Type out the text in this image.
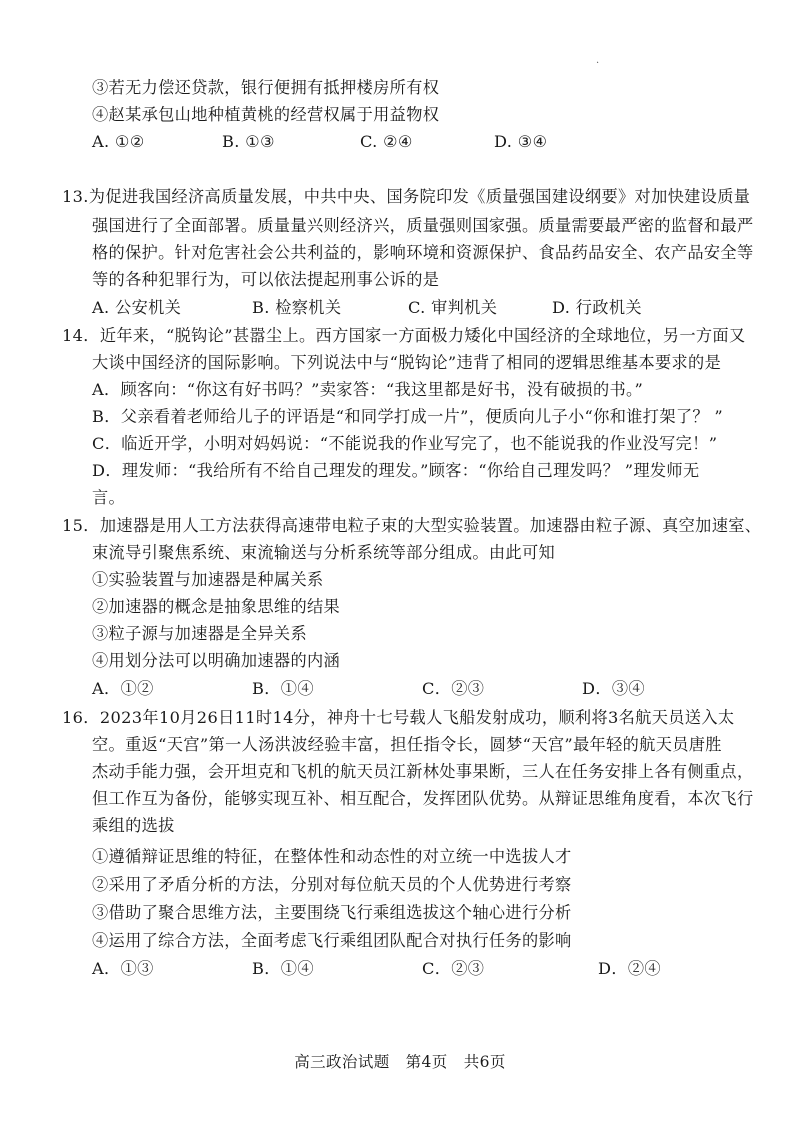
·
③若无力偿还贷款，银行便拥有抵押楼房所有权
④赵某承包山地种植黄桃的经营权属于用益物权
A. ①②	B. ①③	C. ②④	D. ③④
13.为促进我国经济高质量发展，中共中央、国务院印发《质量强国建设纲要》对加快建设质量
强国进行了全面部署。质量量兴则经济兴，质量强则国家强。质量需要最严密的监督和最严
格的保护。针对危害社会公共利益的，影响环境和资源保护、食品药品安全、农产品安全等
等的各种犯罪行为，可以依法提起刑事公诉的是
A. 公安机关	B. 检察机关	C. 审判机关	D. 行政机关
14．近年来，“脱钩论”甚嚣尘上。西方国家一方面极力矮化中国经济的全球地位，另一方面又
大谈中国经济的国际影响。下列说法中与“脱钩论”违背了相同的逻辑思维基本要求的是
A．顾客向：“你这有好书吗？”卖家答：“我这里都是好书，没有破损的书。”
B．父亲看着老师给儿子的评语是“和同学打成一片”，便质向儿子小“你和谁打架了？ ”
C．临近开学，小明对妈妈说：“不能说我的作业写完了，也不能说我的作业没写完！”
D．理发师：“我给所有不给自己理发的理发。”顾客：“你给自己理发吗？ ”理发师无
言。
15．加速器是用人工方法获得高速带电粒子束的大型实验装置。加速器由粒子源、真空加速室、
束流导引聚焦系统、束流输送与分析系统等部分组成。由此可知
①实验装置与加速器是种属关系
②加速器的概念是抽象思维的结果
③粒子源与加速器是全异关系
④用划分法可以明确加速器的内涵
A．①②	B．①④	C．②③	D．③④
16．2023年10月26日11时14分，神舟十七号载人飞船发射成功，顺利将3名航天员送入太
空。重返“天宫”第一人汤洪波经验丰富，担任指令长，圆梦“天宫”最年轻的航天员唐胜
杰动手能力强，会开坦克和飞机的航天员江新林处事果断，三人在任务安排上各有侧重点，
但工作互为备份，能够实现互补、相互配合，发挥团队优势。从辩证思维角度看，本次飞行
乘组的选拔
①遵循辩证思维的特征，在整体性和动态性的对立统一中选拔人才
②采用了矛盾分析的方法，分别对每位航天员的个人优势进行考察
③借助了聚合思维方法，主要围绕飞行乘组选拔这个轴心进行分析
④运用了综合方法，全面考虑飞行乘组团队配合对执行任务的影响
A．①③	B．①④	C．②③	D．②④
高三政治试题 第4页 共6页
